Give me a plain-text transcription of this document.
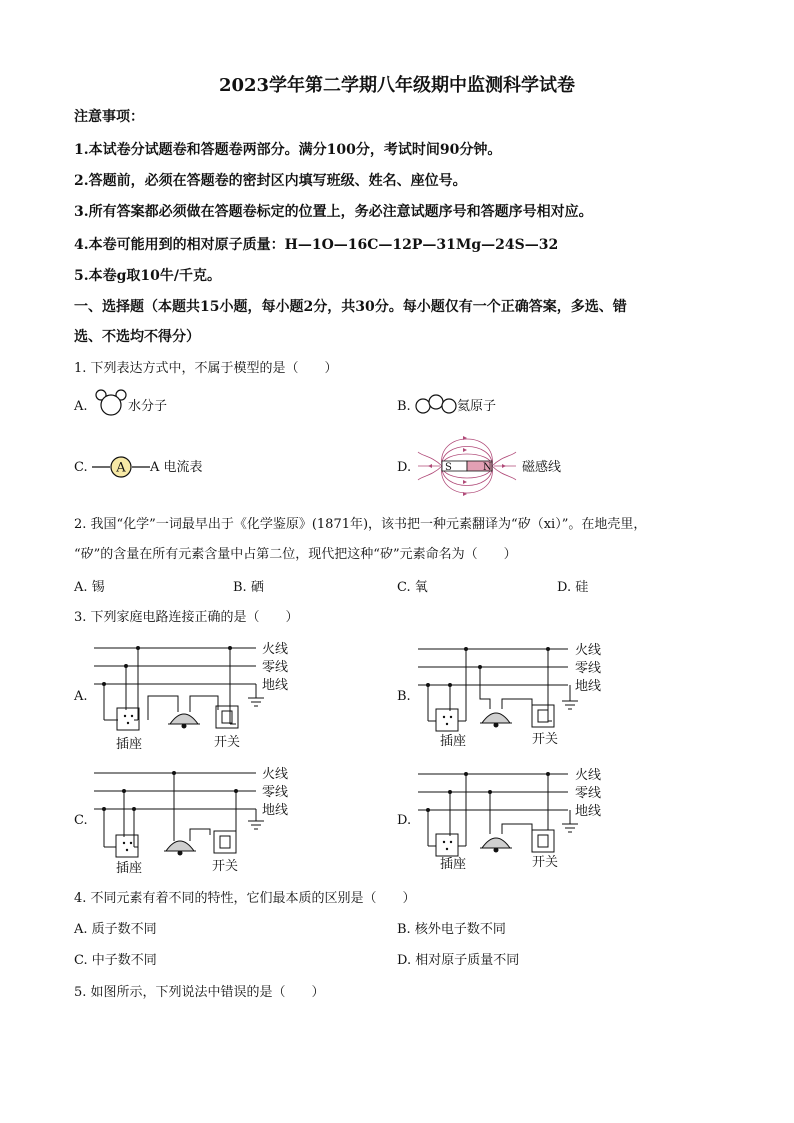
2023学年第二学期八年级期中监测科学试卷
注意事项：
1.本试卷分试题卷和答题卷两部分。满分100分，考试时间90分钟。
2.答题前，必须在答题卷的密封区内填写班级、姓名、座位号。
3.所有答案都必须做在答题卷标定的位置上，务必注意试题序号和答题序号相对应。
4.本卷可能用到的相对原子质量：H—1O—16C—12P—31Mg—24S—32
5.本卷g取10牛/千克。
一、选择题（本题共15小题，每小题2分，共30分。每小题仅有一个正确答案，多选、错
选、不选均不得分）
1. 下列表达方式中，不属于模型的是（　　）
A.	水分子	B.	氦原子
C. A A 电流表	D.	S	N 磁感线
2. 我国“化学”一词最早出于《化学鉴原》(1871年)，该书把一种元素翻译为“矽（xi）”。在地壳里，
“矽”的含量在所有元素含量中占第二位，现代把这种“矽”元素命名为（　　）
A. 锡	B. 硒	C. 氧	D. 硅
3. 下列家庭电路连接正确的是（　　）
A.
火线
零线
地线
插座	开关
B.
火线
零线
地线
插座	开关
C.
火线
零线
地线
插座	开关
D.
火线
零线
地线
插座	开关
4. 不同元素有着不同的特性，它们最本质的区别是（　　）
A. 质子数不同	B. 核外电子数不同
C. 中子数不同	D. 相对原子质量不同
5. 如图所示，下列说法中错误的是（　　）
